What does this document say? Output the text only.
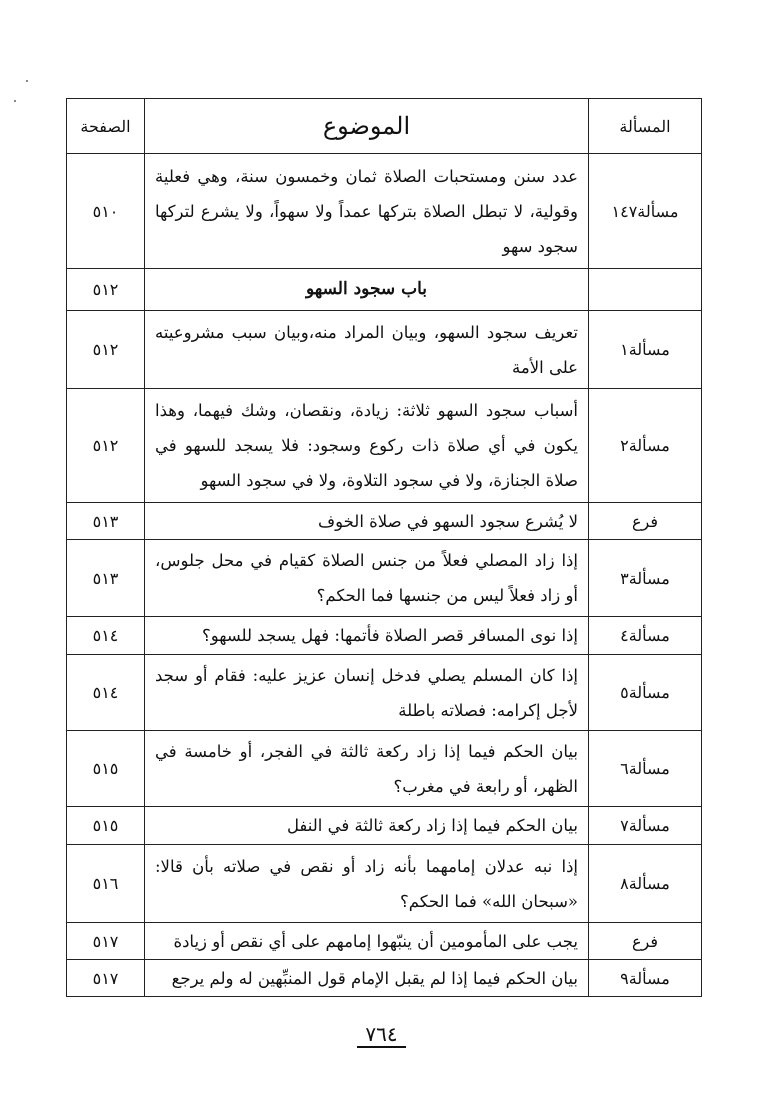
المسألة	الموضوع	الصفحة
مسألة١٤٧	عدد سنن ومستحبات الصلاة ثمان وخمسون سنة، وهي فعلية وقولية، لا تبطل الصلاة بتركها عمداً ولا سهواً، ولا يشرع لتركها سجود سهو	٥١٠
	باب سجود السهو	٥١٢
مسألة١	تعريف سجود السهو، وبيان المراد منه،وبيان سبب مشروعيته على الأمة	٥١٢
مسألة٢	أسباب سجود السهو ثلاثة: زيادة، ونقصان، وشك فيهما، وهذا يكون في أي صلاة ذات ركوع وسجود: فلا يسجد للسهو في صلاة الجنازة، ولا في سجود التلاوة، ولا في سجود السهو	٥١٢
فرع	لا يُشرع سجود السهو في صلاة الخوف	٥١٣
مسألة٣	إذا زاد المصلي فعلاً من جنس الصلاة كقيام في محل جلوس، أو زاد فعلاً ليس من جنسها فما الحكم؟	٥١٣
مسألة٤	إذا نوى المسافر قصر الصلاة فأتمها: فهل يسجد للسهو؟	٥١٤
مسألة٥	إذا كان المسلم يصلي فدخل إنسان عزيز عليه: فقام أو سجد لأجل إكرامه: فصلاته باطلة	٥١٤
مسألة٦	بيان الحكم فيما إذا زاد ركعة ثالثة في الفجر، أو خامسة في الظهر، أو رابعة في مغرب؟	٥١٥
مسألة٧	بيان الحكم فيما إذا زاد ركعة ثالثة في النفل	٥١٥
مسألة٨	إذا نبه عدلان إمامهما بأنه زاد أو نقص في صلاته بأن قالا: «سبحان الله» فما الحكم؟	٥١٦
فرع	يجب على المأمومين أن ينبّهوا إمامهم على أي نقص أو زيادة	٥١٧
مسألة٩	بيان الحكم فيما إذا لم يقبل الإمام قول المنبِّهين له ولم يرجع	٥١٧
٧٦٤
